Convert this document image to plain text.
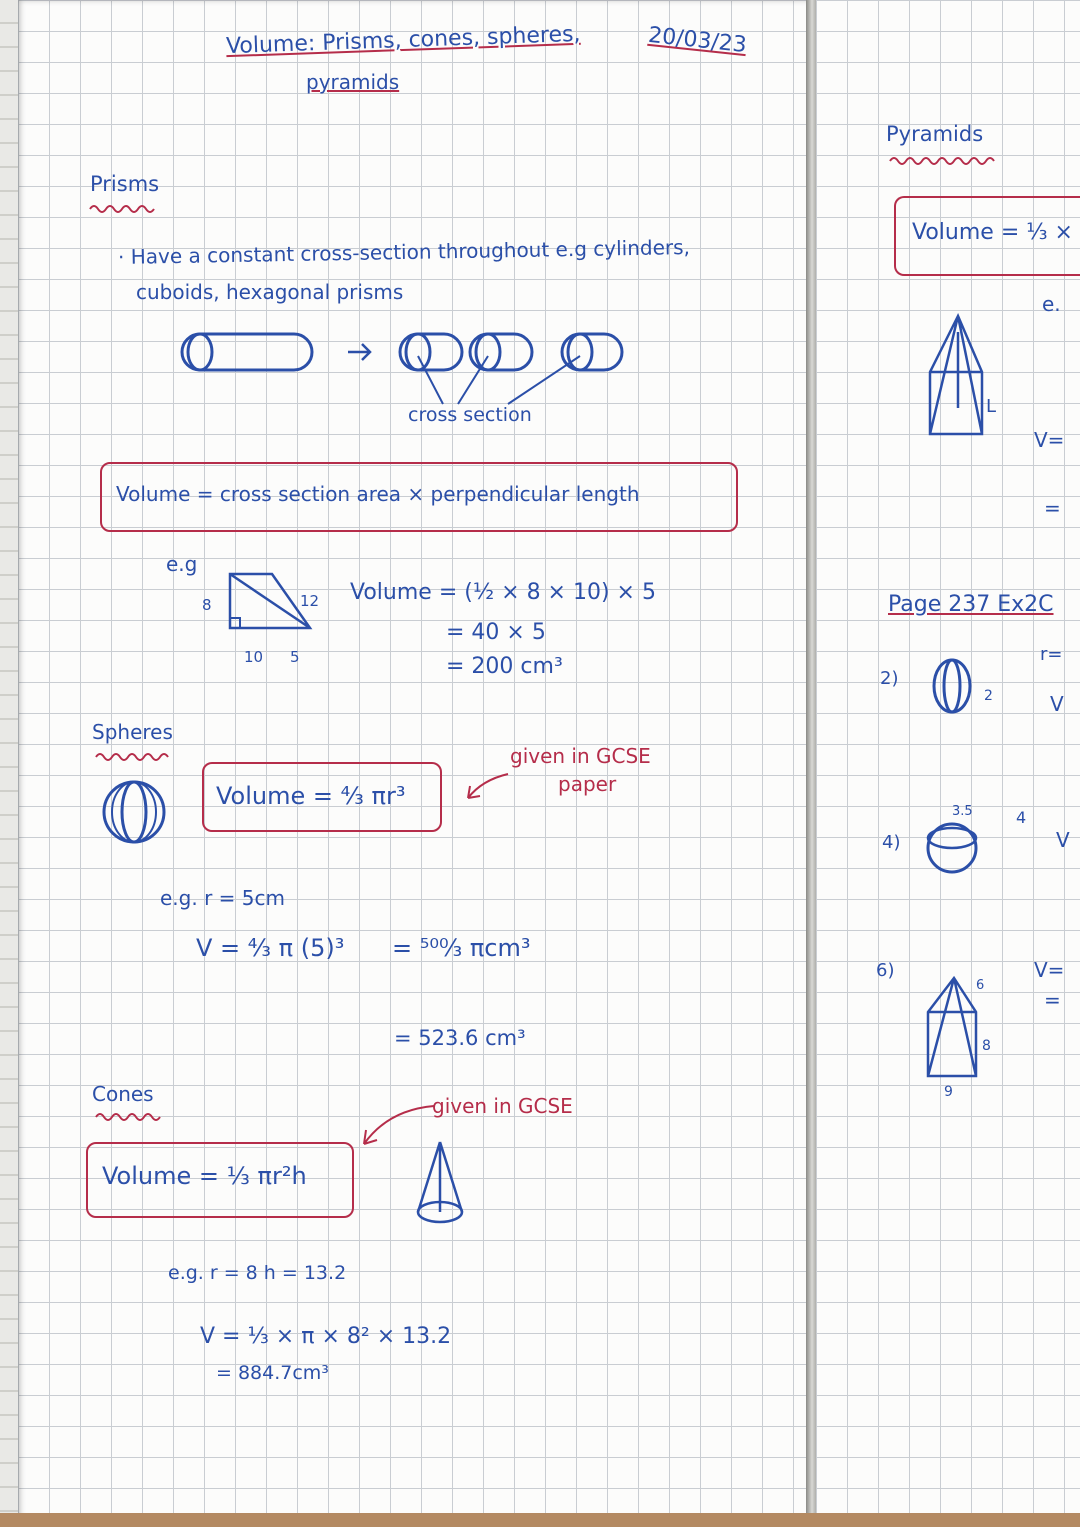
Volume: Prisms, cones, spheres,
pyramids
20/03/23
Prisms
· Have a constant cross-section throughout e.g cylinders,
cuboids, hexagonal prisms
cross section
Volume = cross section area × perpendicular length
e.g
8	12
10 5
Volume = (½ × 8 × 10) × 5
= 40 × 5
= 200 cm³
Spheres
Volume = ⁴⁄₃ πr³
given in GCSE
paper
e.g. r = 5cm
V = ⁴⁄₃ π (5)³ = ⁵⁰⁰⁄₃ πcm³
= 523.6 cm³
Cones
Volume = ⅓ πr²h
given in GCSE
e.g. r = 8 h = 13.2
V = ⅓ × π × 8² × 13.2
= 884.7cm³
Pyramids
Volume = ⅓ ×
e.
L
V=
=
Page 237 Ex2C
2)
2
r=
V
4)
3.5	4
V
6)
6
8
9
V=
=
